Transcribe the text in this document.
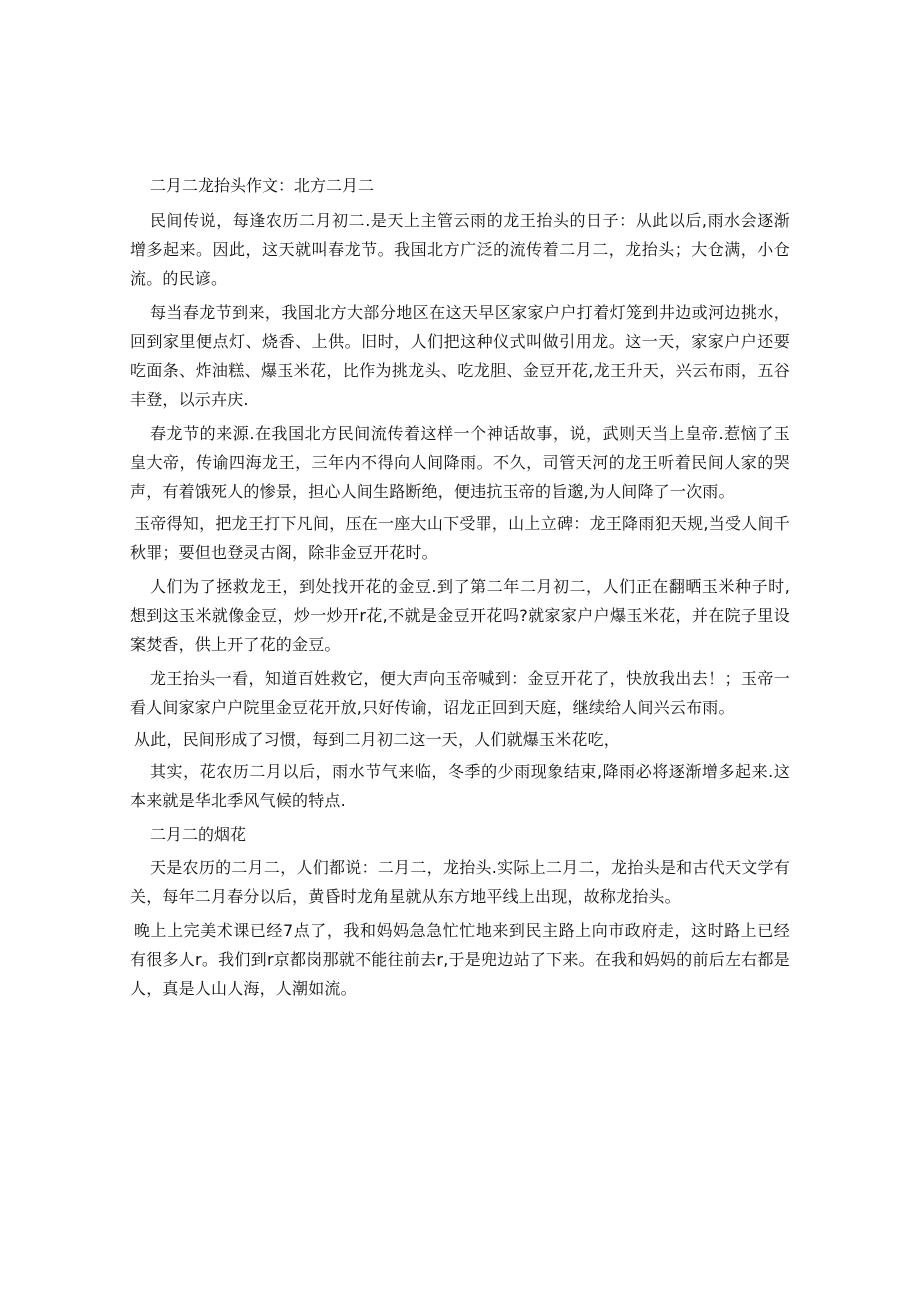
二月二龙抬头作文：北方二月二

民间传说，每逢农历二月初二.是天上主管云雨的龙王抬头的日子：从此以后,雨水会逐渐增多起来。因此，这天就叫春龙节。我国北方广泛的流传着二月二，龙抬头；大仓满，小仓流。的民谚。

每当春龙节到来，我国北方大部分地区在这天早区家家户户打着灯笼到井边或河边挑水，回到家里便点灯、烧香、上供。旧时，人们把这种仪式叫做引用龙。这一天，家家户户还要吃面条、炸油糕、爆玉米花，比作为挑龙头、吃龙胆、金豆开花,龙王升天，兴云布雨，五谷丰登，以示卉庆.

春龙节的来源.在我国北方民间流传着这样一个神话故事，说，武则天当上皇帝.惹恼了玉皇大帝，传谕四海龙王，三年内不得向人间降雨。不久，司管天河的龙王听着民间人家的哭声，有着饿死人的惨景，担心人间生路断绝，便违抗玉帝的旨邈,为人间降了一次雨。

玉帝得知，把龙王打下凡间，压在一座大山下受罪，山上立碑：龙王降雨犯天规,当受人间千秋罪；要但也登灵古阁，除非金豆开花时。

人们为了拯救龙王，到处找开花的金豆.到了第二年二月初二，人们正在翻晒玉米种子时,想到这玉米就像金豆，炒一炒开r花,不就是金豆开花吗?就家家户户爆玉米花，并在院子里设案焚香，供上开了花的金豆。

龙王抬头一看，知道百姓救它，便大声向玉帝喊到：金豆开花了，快放我出去！；玉帝一看人间家家户户院里金豆花开放,只好传谕，诏龙正回到天庭，继续给人间兴云布雨。

从此，民间形成了习惯，每到二月初二这一天，人们就爆玉米花吃，

其实，花农历二月以后，雨水节气来临，冬季的少雨现象结束,降雨必将逐渐增多起来.这本来就是华北季风气候的特点.

二月二的烟花

天是农历的二月二，人们都说：二月二，龙抬头.实际上二月二，龙抬头是和古代天文学有关，每年二月春分以后，黄昏时龙角星就从东方地平线上出现，故称龙抬头。

晚上上完美术课已经7点了，我和妈妈急急忙忙地来到民主路上向市政府走，这时路上已经有很多人r。我们到r京都岗那就不能往前去r,于是兜边站了下来。在我和妈妈的前后左右都是人，真是人山人海，人潮如流。
